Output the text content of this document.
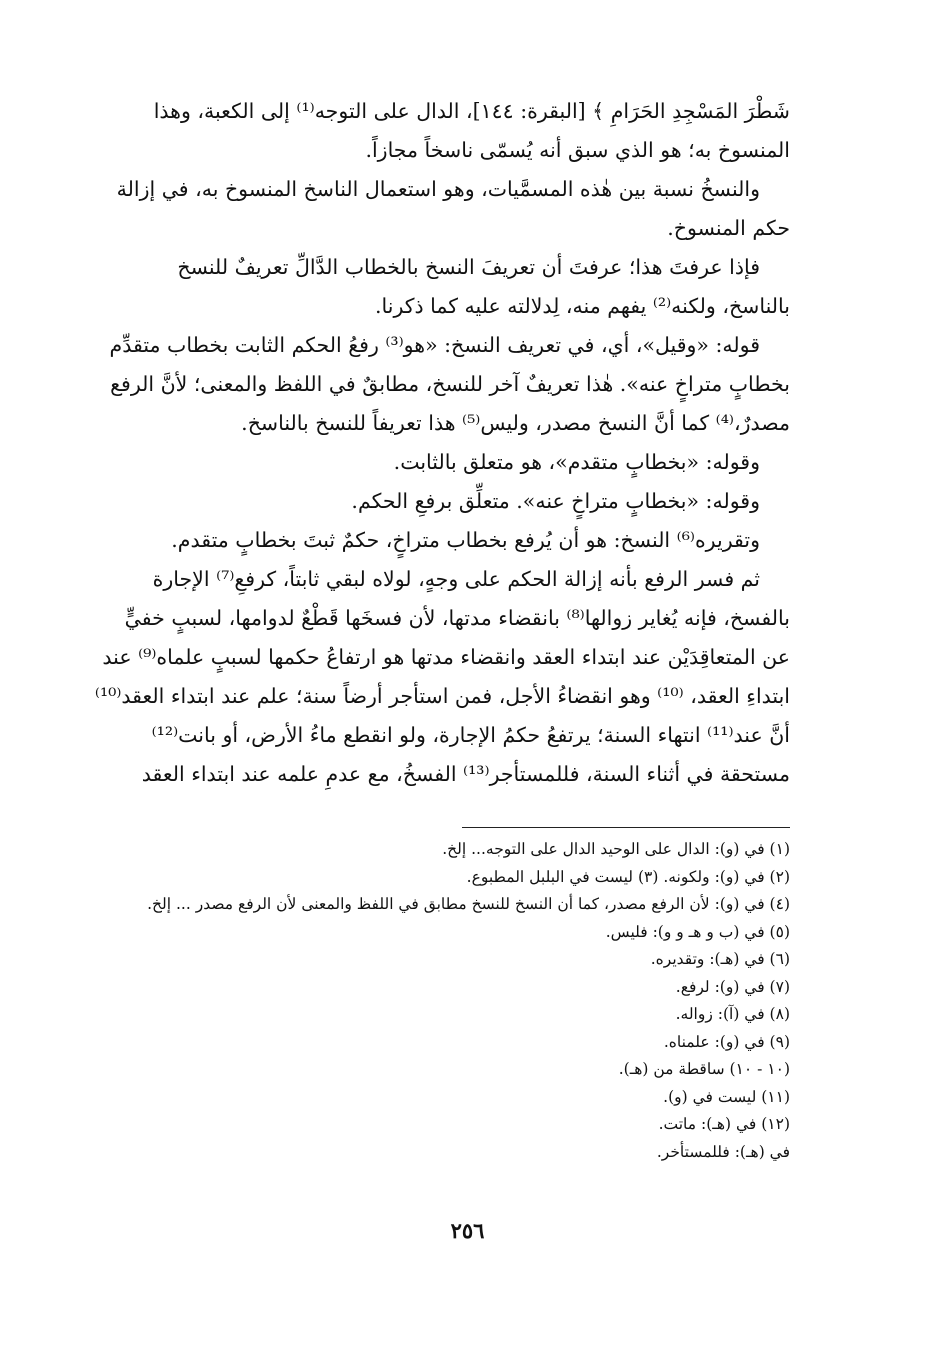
شَطْرَ المَسْجِدِ الحَرَامِ ﴾ [البقرة: ١٤٤]، الدال على التوجه⁽¹⁾ إلى الكعبة، وهذا

المنسوخ به؛ هو الذي سبق أنه يُسمّى ناسخاً مجازاً.

والنسخُ نسبة بين هٰذه المسمَّيات، وهو استعمال الناسخ المنسوخ به، في إزالة

حكم المنسوخ.

فإذا عرفتَ هذا؛ عرفتَ أن تعريفَ النسخ بالخطاب الدَّالِّ تعريفٌ للنسخ

بالناسخ، ولكنه⁽²⁾ يفهم منه، لِدلالته عليه كما ذكرنا.

قوله: «وقيل»، أي، في تعريف النسخ: «هو⁽³⁾ رفعُ الحكم الثابت بخطاب متقدِّم

بخطابٍ متراخٍ عنه». هٰذا تعريفٌ آخر للنسخ، مطابقٌ في اللفظ والمعنى؛ لأنَّ الرفع

مصدرٌ،⁽⁴⁾ كما أنَّ النسخ مصدر، وليس⁽⁵⁾ هذا تعريفاً للنسخ بالناسخ.

وقوله: «بخطابٍ متقدم»، هو متعلق بالثابت.

وقوله: «بخطابٍ متراخٍ عنه». متعلِّق برفعِ الحكم.

وتقريره⁽⁶⁾ النسخ: هو أن يُرفع بخطاب متراخٍ، حكمٌ ثبتَ بخطابٍ متقدم.

ثم فسر الرفع بأنه إزالة الحكم على وجهٍ، لولاه لبقي ثابتاً، كرفعِ⁽⁷⁾ الإجارة

بالفسخ، فإنه يُغاير زوالها⁽⁸⁾ بانقضاء مدتها، لأن فسخَها قَطْعٌ لدوامها، لسببٍ خفيٍّ

عن المتعاقِدَيْن عند ابتداء العقد وانقضاء مدتها هو ارتفاعُ حكمها لسببٍ علماه⁽⁹⁾ عند

ابتداءِ العقد، ⁽¹⁰⁾ وهو انقضاءُ الأجل، فمن استأجر أرضاً سنة؛ علم عند ابتداء العقد⁽¹⁰⁾

أنَّ عند⁽¹¹⁾ انتهاء السنة؛ يرتفعُ حكمُ الإجارة، ولو انقطع ماءُ الأرض، أو بانت⁽¹²⁾

مستحقة في أثناء السنة، فللمستأجر⁽¹³⁾ الفسخُ، مع عدمِ علمه عند ابتداء العقد

(١) في (و): الدال على الوحيد الدال على التوجه... إلخ.

(٢) في (و): ولكونه. (٣) ليست في البلبل المطبوع.

(٤) في (و): لأن الرفع مصدر، كما أن النسخ للنسخ مطابق في اللفظ والمعنى لأن الرفع مصدر ... إلخ.

(٥) في (ب و هـ و و): فليس.

(٦) في (هـ): وتقديره.

(٧) في (و): لرفع.

(٨) في (آ): زواله.

(٩) في (و): علمناه.

(١٠ - ١٠) ساقطة من (هـ).

(١١) ليست في (و).

(١٢) في (هـ): ماتت.

في (هـ): فللمستأخر.

٢٥٦
